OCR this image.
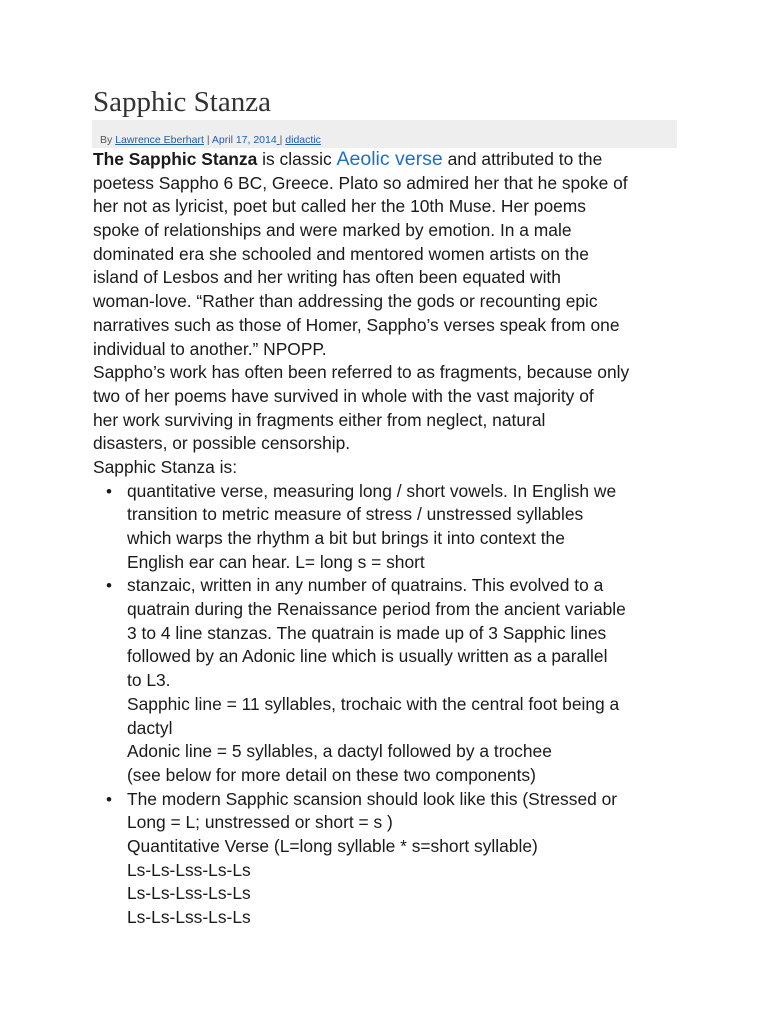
Sapphic Stanza
By Lawrence Eberhart | April 17, 2014 | didactic
The Sapphic Stanza is classic Aeolic verse and attributed to the
poetess Sappho 6 BC, Greece. Plato so admired her that he spoke of
her not as lyricist, poet but called her the 10th Muse. Her poems
spoke of relationships and were marked by emotion. In a male
dominated era she schooled and mentored women artists on the
island of Lesbos and her writing has often been equated with
woman-love. “Rather than addressing the gods or recounting epic
narratives such as those of Homer, Sappho’s verses speak from one
individual to another.” NPOPP.
Sappho’s work has often been referred to as fragments, because only
two of her poems have survived in whole with the vast majority of
her work surviving in fragments either from neglect, natural
disasters, or possible censorship.
Sapphic Stanza is:
• quantitative verse, measuring long / short vowels. In English we
transition to metric measure of stress / unstressed syllables
which warps the rhythm a bit but brings it into context the
English ear can hear. L= long s = short
• stanzaic, written in any number of quatrains. This evolved to a
quatrain during the Renaissance period from the ancient variable
3 to 4 line stanzas. The quatrain is made up of 3 Sapphic lines
followed by an Adonic line which is usually written as a parallel
to L3.
Sapphic line = 11 syllables, trochaic with the central foot being a
dactyl
Adonic line = 5 syllables, a dactyl followed by a trochee
(see below for more detail on these two components)
• The modern Sapphic scansion should look like this (Stressed or
Long = L; unstressed or short = s )
Quantitative Verse (L=long syllable * s=short syllable)
Ls-Ls-Lss-Ls-Ls
Ls-Ls-Lss-Ls-Ls
Ls-Ls-Lss-Ls-Ls
